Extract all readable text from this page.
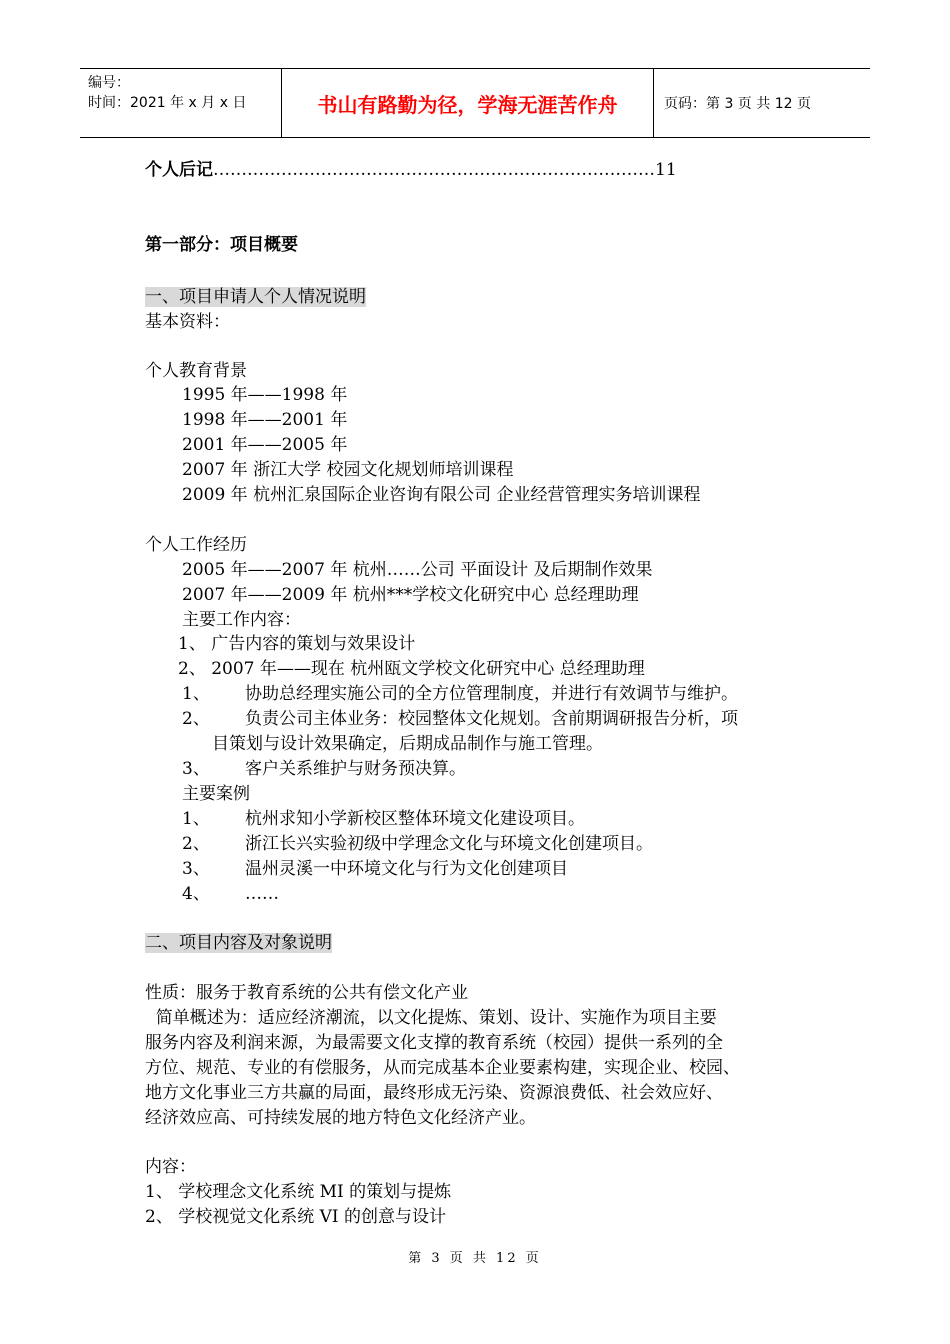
编号：
时间：2021 年 x 月 x 日	书山有路勤为径，学海无涯苦作舟	页码：第 3 页 共 12 页
个人后记……………………………………………………………………11
第一部分：项目概要
一、项目申请人个人情况说明
基本资料：
个人教育背景
1995 年——1998 年
1998 年——2001 年
2001 年——2005 年
2007 年 浙江大学 校园文化规划师培训课程
2009 年 杭州汇泉国际企业咨询有限公司 企业经营管理实务培训课程
个人工作经历
2005 年——2007 年 杭州……公司 平面设计 及后期制作效果
2007 年——2009 年 杭州***学校文化研究中心 总经理助理
主要工作内容：
1、 广告内容的策划与效果设计
2、 2007 年——现在 杭州瓯文学校文化研究中心 总经理助理
1、 协助总经理实施公司的全方位管理制度，并进行有效调节与维护。
2、 负责公司主体业务：校园整体文化规划。含前期调研报告分析，项
目策划与设计效果确定，后期成品制作与施工管理。
3、 客户关系维护与财务预决算。
主要案例
1、 杭州求知小学新校区整体环境文化建设项目。
2、 浙江长兴实验初级中学理念文化与环境文化创建项目。
3、 温州灵溪一中环境文化与行为文化创建项目
4、 ……
二、项目内容及对象说明
性质：服务于教育系统的公共有偿文化产业
简单概述为：适应经济潮流，以文化提炼、策划、设计、实施作为项目主要
服务内容及利润来源，为最需要文化支撑的教育系统（校园）提供一系列的全
方位、规范、专业的有偿服务，从而完成基本企业要素构建，实现企业、校园、
地方文化事业三方共赢的局面，最终形成无污染、资源浪费低、社会效应好、
经济效应高、可持续发展的地方特色文化经济产业。
内容：
1、 学校理念文化系统 MI 的策划与提炼
2、 学校视觉文化系统 VI 的创意与设计
第 3 页 共 12 页
